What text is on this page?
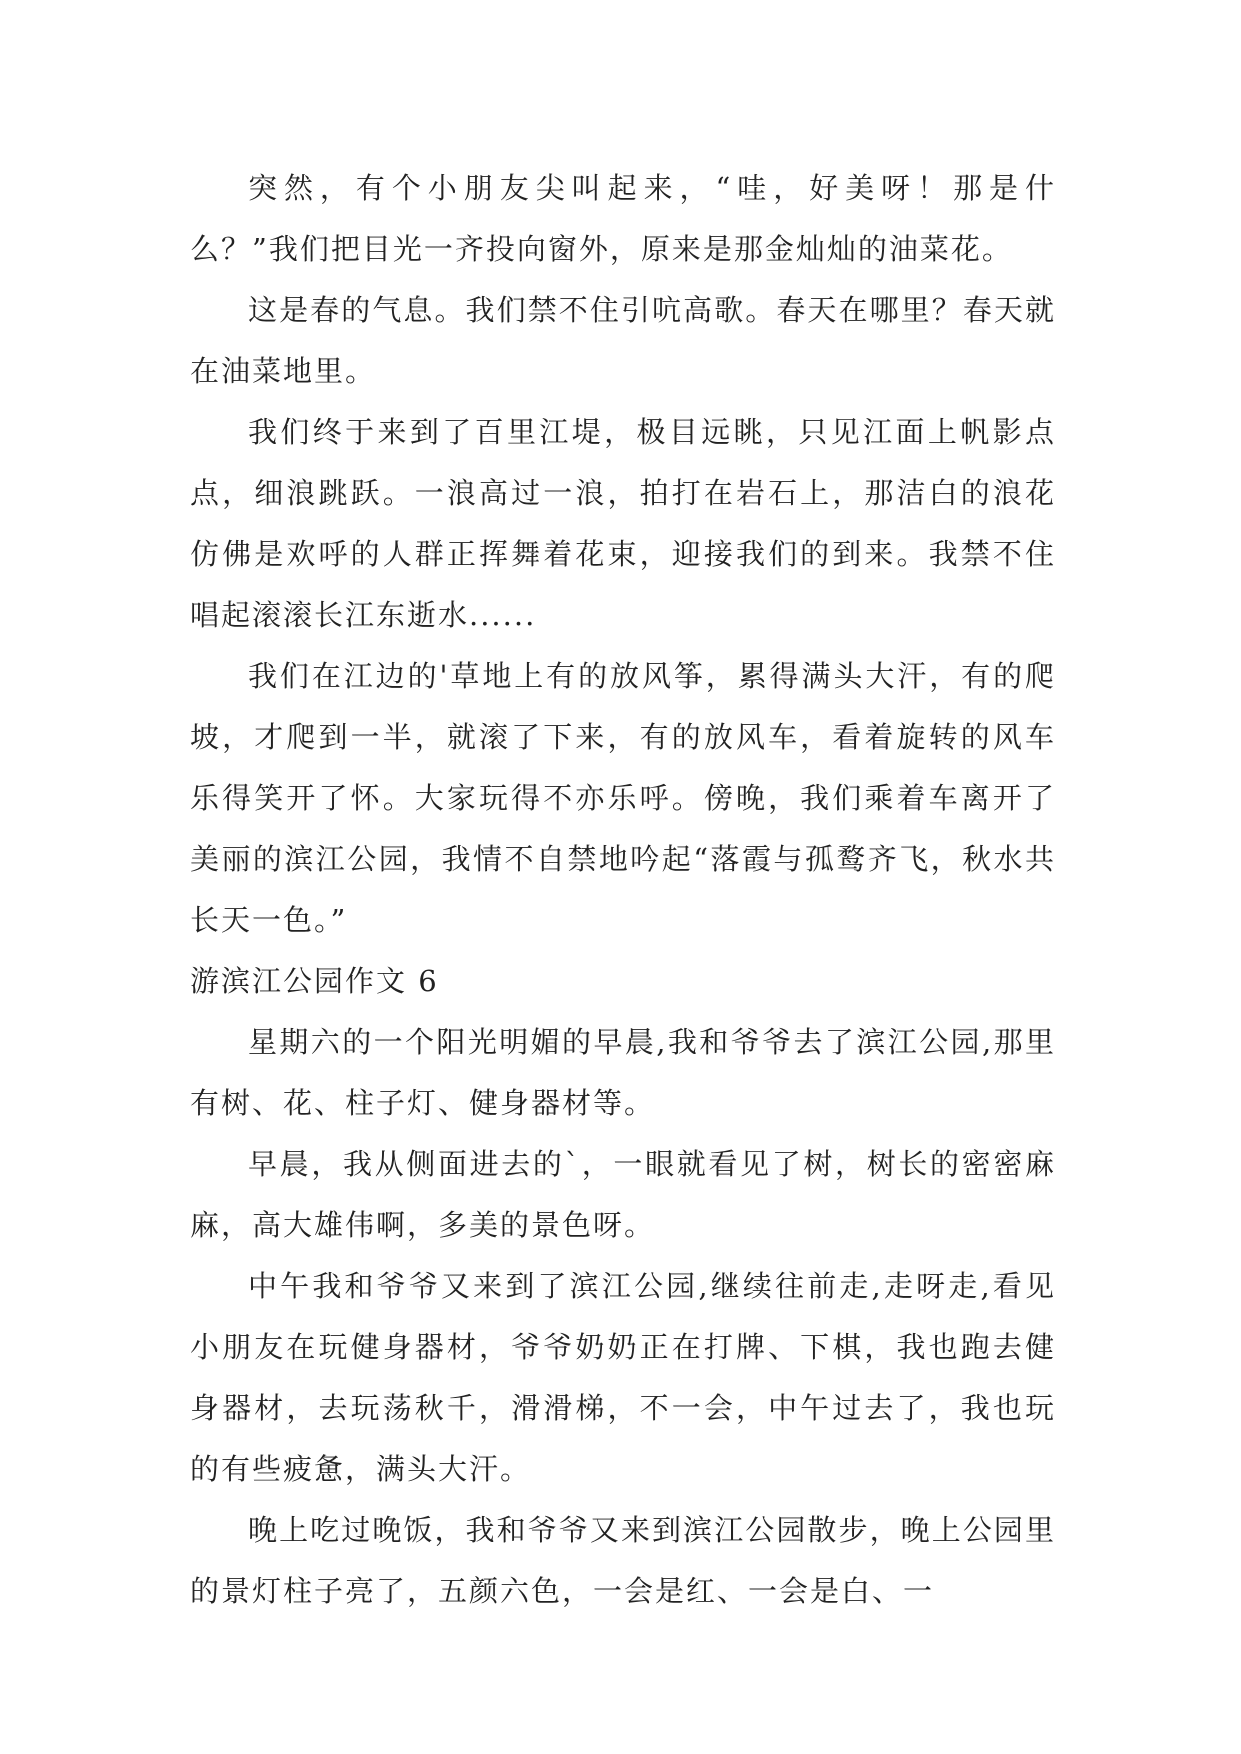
突然，有个小朋友尖叫起来，“哇，好美呀！那是什么？”我们把目光一齐投向窗外，原来是那金灿灿的油菜花。

这是春的气息。我们禁不住引吭高歌。春天在哪里？春天就在油菜地里。

我们终于来到了百里江堤，极目远眺，只见江面上帆影点点，细浪跳跃。一浪高过一浪，拍打在岩石上，那洁白的浪花仿佛是欢呼的人群正挥舞着花束，迎接我们的到来。我禁不住唱起滚滚长江东逝水......

我们在江边的'草地上有的放风筝，累得满头大汗，有的爬坡，才爬到一半，就滚了下来，有的放风车，看着旋转的风车乐得笑开了怀。大家玩得不亦乐呼。傍晚，我们乘着车离开了美丽的滨江公园，我情不自禁地吟起“落霞与孤鹜齐飞，秋水共长天一色。”

游滨江公园作文 6

星期六的一个阳光明媚的早晨,我和爷爷去了滨江公园,那里有树、花、柱子灯、健身器材等。

早晨，我从侧面进去的`，一眼就看见了树，树长的密密麻麻，高大雄伟啊，多美的景色呀。

中午我和爷爷又来到了滨江公园,继续往前走,走呀走,看见小朋友在玩健身器材，爷爷奶奶正在打牌、下棋，我也跑去健身器材，去玩荡秋千，滑滑梯，不一会，中午过去了，我也玩的有些疲惫，满头大汗。

晚上吃过晚饭，我和爷爷又来到滨江公园散步，晚上公园里的景灯柱子亮了，五颜六色，一会是红、一会是白、一
